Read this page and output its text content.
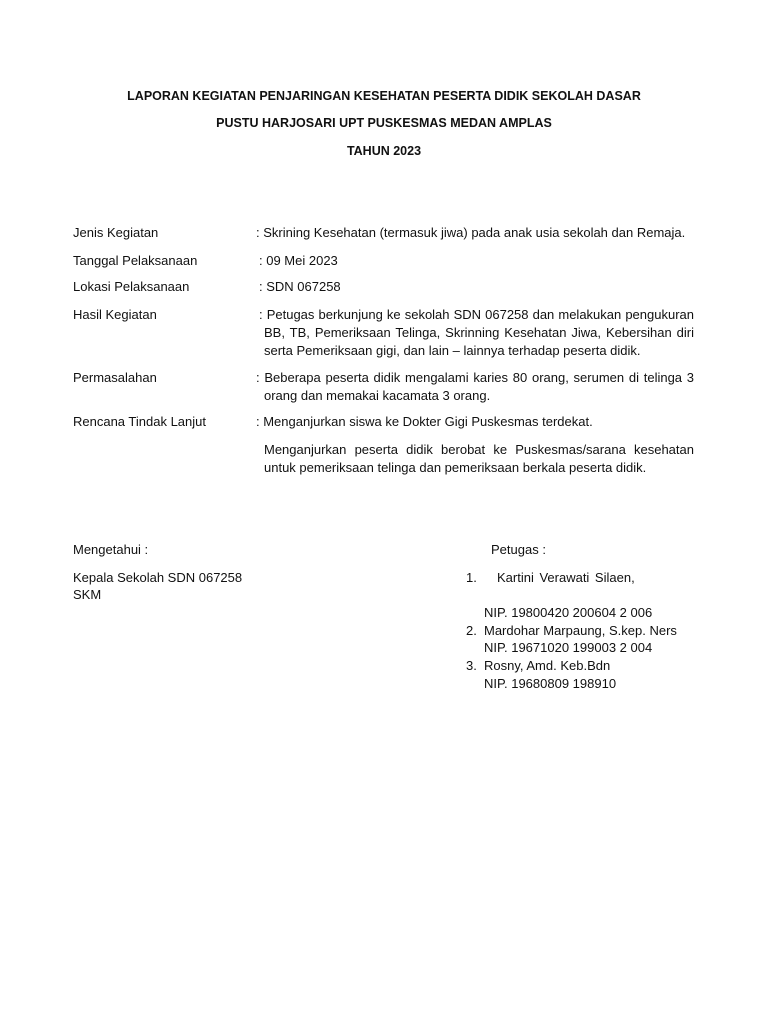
LAPORAN KEGIATAN PENJARINGAN KESEHATAN PESERTA DIDIK SEKOLAH DASAR
PUSTU HARJOSARI UPT PUSKESMAS MEDAN AMPLAS
TAHUN 2023
Jenis Kegiatan	: Skrining Kesehatan (termasuk jiwa) pada anak usia sekolah dan Remaja.
Tanggal Pelaksanaan	: 09 Mei 2023
Lokasi Pelaksanaan	: SDN 067258
Hasil Kegiatan	: Petugas berkunjung ke sekolah SDN 067258 dan melakukan pengukuran
BB, TB, Pemeriksaan Telinga, Skrinning Kesehatan Jiwa, Kebersihan diri
serta Pemeriksaan gigi, dan lain – lainnya terhadap peserta didik.
Permasalahan	: Beberapa peserta didik mengalami karies 80 orang, serumen di telinga 3
orang dan memakai kacamata 3 orang.
Rencana Tindak Lanjut	: Menganjurkan siswa ke Dokter Gigi Puskesmas terdekat.
Menganjurkan peserta didik berobat ke Puskesmas/sarana kesehatan
untuk pemeriksaan telinga dan pemeriksaan berkala peserta didik.
Mengetahui :
Kepala Sekolah SDN 067258
SKM
Petugas :
1. Kartini Verawati Silaen,
NIP. 19800420 200604 2 006
2. Mardohar Marpaung, S.kep. Ners
NIP. 19671020 199003 2 004
3. Rosny, Amd. Keb.Bdn
NIP. 19680809 198910
